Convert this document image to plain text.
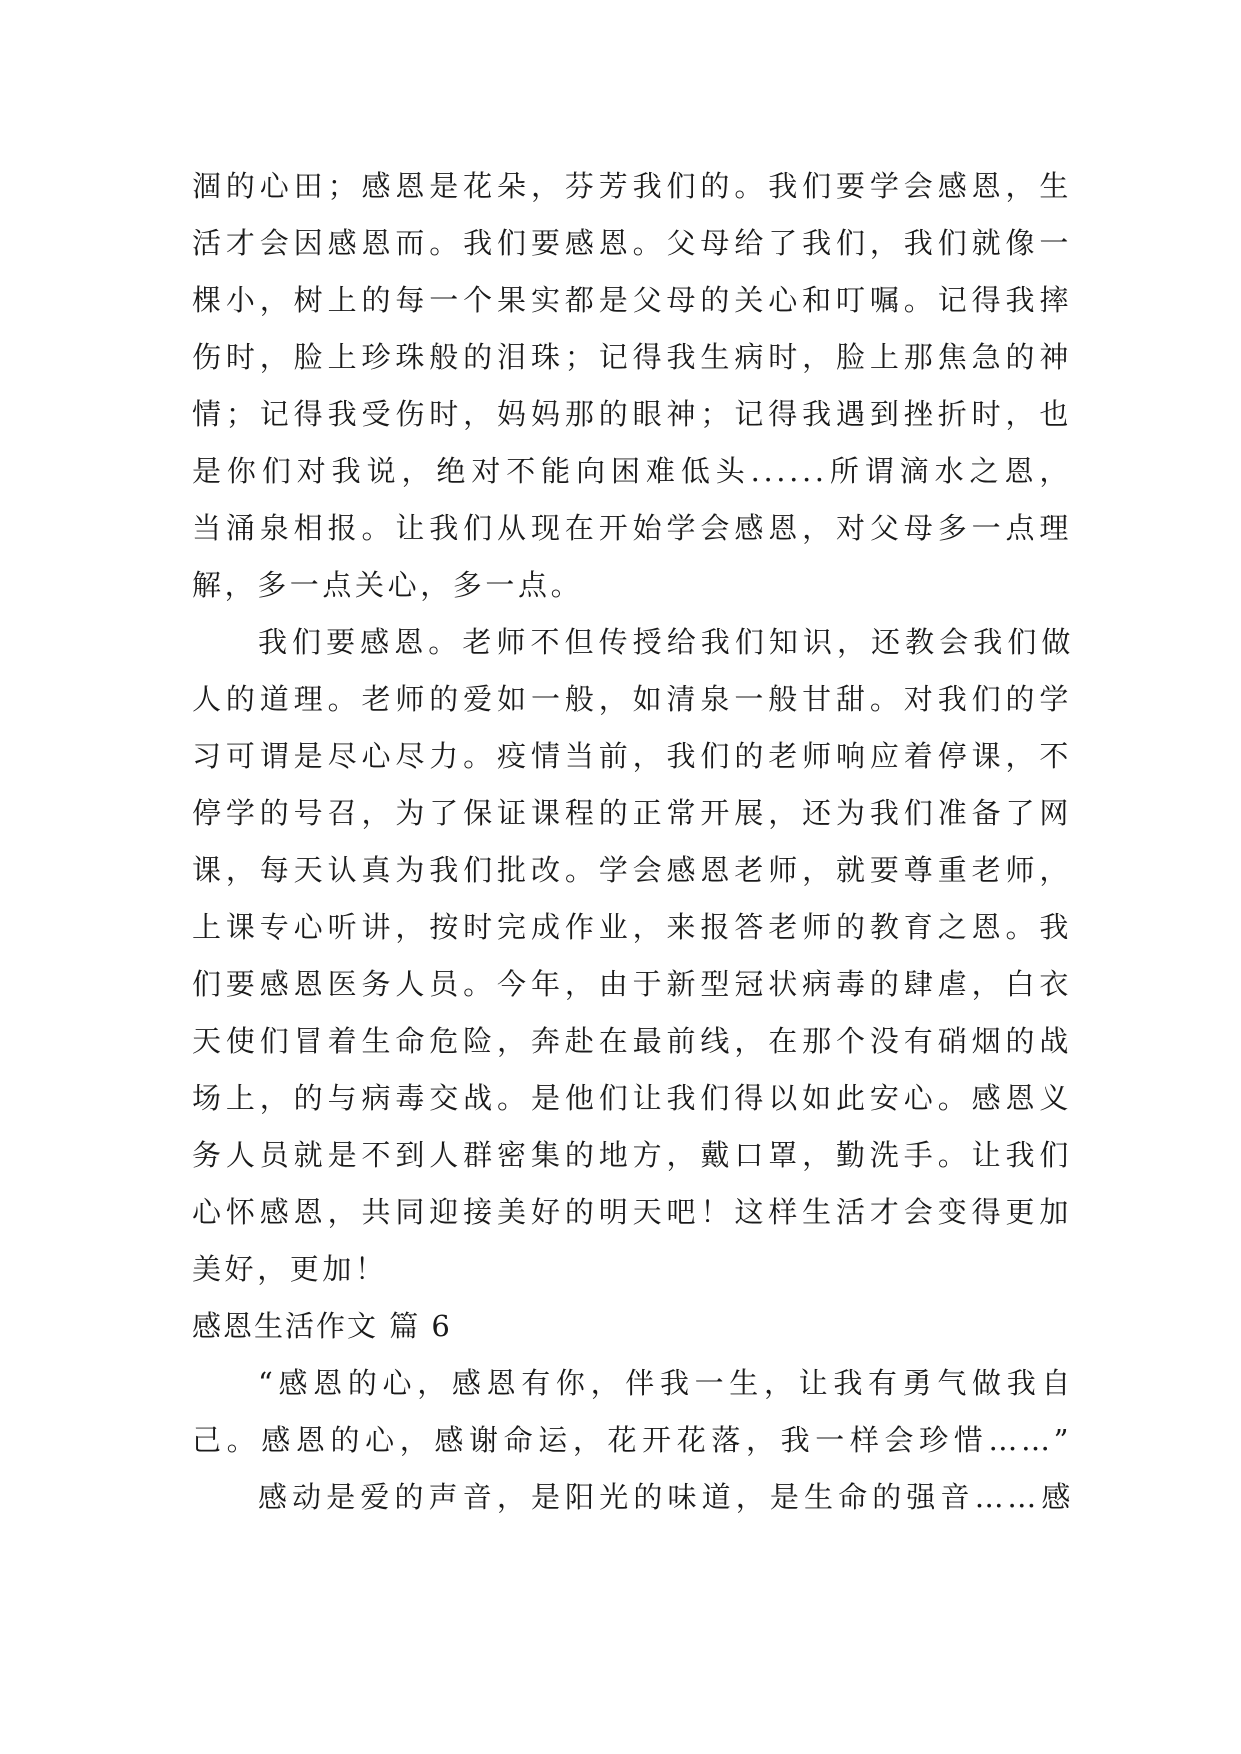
涸的心田；感恩是花朵，芬芳我们的。我们要学会感恩，生
活才会因感恩而。我们要感恩。父母给了我们，我们就像一
棵小，树上的每一个果实都是父母的关心和叮嘱。记得我摔
伤时，脸上珍珠般的泪珠；记得我生病时，脸上那焦急的神
情；记得我受伤时，妈妈那的眼神；记得我遇到挫折时，也
是你们对我说，绝对不能向困难低头......所谓滴水之恩，
当涌泉相报。让我们从现在开始学会感恩，对父母多一点理
解，多一点关心，多一点。
我们要感恩。老师不但传授给我们知识，还教会我们做
人的道理。老师的爱如一般，如清泉一般甘甜。对我们的学
习可谓是尽心尽力。疫情当前，我们的老师响应着停课，不
停学的号召，为了保证课程的正常开展，还为我们准备了网
课，每天认真为我们批改。学会感恩老师，就要尊重老师，
上课专心听讲，按时完成作业，来报答老师的教育之恩。我
们要感恩医务人员。今年，由于新型冠状病毒的肆虐，白衣
天使们冒着生命危险，奔赴在最前线，在那个没有硝烟的战
场上，的与病毒交战。是他们让我们得以如此安心。感恩义
务人员就是不到人群密集的地方，戴口罩，勤洗手。让我们
心怀感恩，共同迎接美好的明天吧！这样生活才会变得更加
美好，更加！
感恩生活作文 篇 6
“感恩的心，感恩有你，伴我一生，让我有勇气做我自
己。感恩的心，感谢命运，花开花落，我一样会珍惜……”
感动是爱的声音，是阳光的味道，是生命的强音……感
